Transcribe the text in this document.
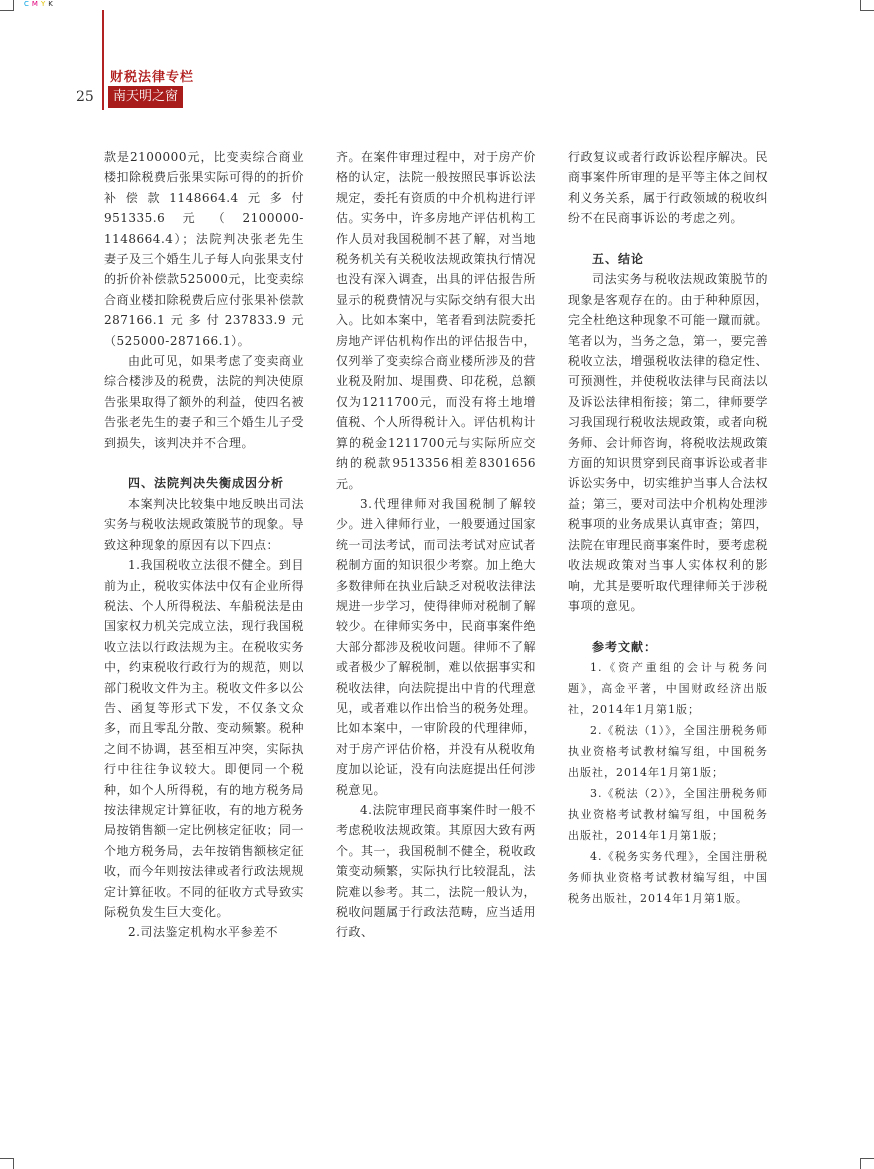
CMYK
财税法律专栏
25	南天明之窗

款是2100000元，比变卖综合商业楼扣除税费后张果实际可得的的折价补偿款1148664.4元多付951335.6元（2100000-1148664.4）；法院判决张老先生妻子及三个婚生儿子每人向张果支付的折价补偿款525000元，比变卖综合商业楼扣除税费后应付张果补偿款287166.1元多付237833.9元（525000-287166.1）。

由此可见，如果考虑了变卖商业综合楼涉及的税费，法院的判决使原告张果取得了额外的利益，使四名被告张老先生的妻子和三个婚生儿子受到损失，该判决并不合理。

四、法院判决失衡成因分析

本案判决比较集中地反映出司法实务与税收法规政策脱节的现象。导致这种现象的原因有以下四点：

1.我国税收立法很不健全。到目前为止，税收实体法中仅有企业所得税法、个人所得税法、车船税法是由国家权力机关完成立法，现行我国税收立法以行政法规为主。在税收实务中，约束税收行政行为的规范，则以部门税收文件为主。税收文件多以公告、函复等形式下发，不仅条文众多，而且零乱分散、变动频繁。税种之间不协调，甚至相互冲突，实际执行中往往争议较大。即便同一个税种，如个人所得税，有的地方税务局按法律规定计算征收，有的地方税务局按销售额一定比例核定征收；同一个地方税务局，去年按销售额核定征收，而今年则按法律或者行政法规规定计算征收。不同的征收方式导致实际税负发生巨大变化。

2.司法鉴定机构水平参差不

齐。在案件审理过程中，对于房产价格的认定，法院一般按照民事诉讼法规定，委托有资质的中介机构进行评估。实务中，许多房地产评估机构工作人员对我国税制不甚了解，对当地税务机关有关税收法规政策执行情况也没有深入调查，出具的评估报告所显示的税费情况与实际交纳有很大出入。比如本案中，笔者看到法院委托房地产评估机构作出的评估报告中，仅列举了变卖综合商业楼所涉及的营业税及附加、堤围费、印花税，总额仅为1211700元，而没有将土地增值税、个人所得税计入。评估机构计算的税金1211700元与实际所应交纳的税款9513356相差8301656元。

3.代理律师对我国税制了解较少。进入律师行业，一般要通过国家统一司法考试，而司法考试对应试者税制方面的知识很少考察。加上绝大多数律师在执业后缺乏对税收法律法规进一步学习，使得律师对税制了解较少。在律师实务中，民商事案件绝大部分都涉及税收问题。律师不了解或者极少了解税制，难以依据事实和税收法律，向法院提出中肯的代理意见，或者难以作出恰当的税务处理。比如本案中，一审阶段的代理律师，对于房产评估价格，并没有从税收角度加以论证，没有向法庭提出任何涉税意见。

4.法院审理民商事案件时一般不考虑税收法规政策。其原因大致有两个。其一，我国税制不健全，税收政策变动频繁，实际执行比较混乱，法院难以参考。其二，法院一般认为，税收问题属于行政法范畴，应当适用行政、

行政复议或者行政诉讼程序解决。民商事案件所审理的是平等主体之间权利义务关系，属于行政领域的税收纠纷不在民商事诉讼的考虑之列。

五、结论

司法实务与税收法规政策脱节的现象是客观存在的。由于种种原因，完全杜绝这种现象不可能一蹴而就。笔者以为，当务之急，第一，要完善税收立法，增强税收法律的稳定性、可预测性，并使税收法律与民商法以及诉讼法律相衔接；第二，律师要学习我国现行税收法规政策，或者向税务师、会计师咨询，将税收法规政策方面的知识贯穿到民商事诉讼或者非诉讼实务中，切实维护当事人合法权益；第三，要对司法中介机构处理涉税事项的业务成果认真审查；第四，法院在审理民商事案件时，要考虑税收法规政策对当事人实体权利的影响，尤其是要听取代理律师关于涉税事项的意见。

参考文献：

1.《资产重组的会计与税务问题》，高金平著，中国财政经济出版社，2014年1月第1版；

2.《税法（1）》，全国注册税务师执业资格考试教材编写组，中国税务出版社，2014年1月第1版；

3.《税法（2）》，全国注册税务师执业资格考试教材编写组，中国税务出版社，2014年1月第1版；

4.《税务实务代理》，全国注册税务师执业资格考试教材编写组，中国税务出版社，2014年1月第1版。
